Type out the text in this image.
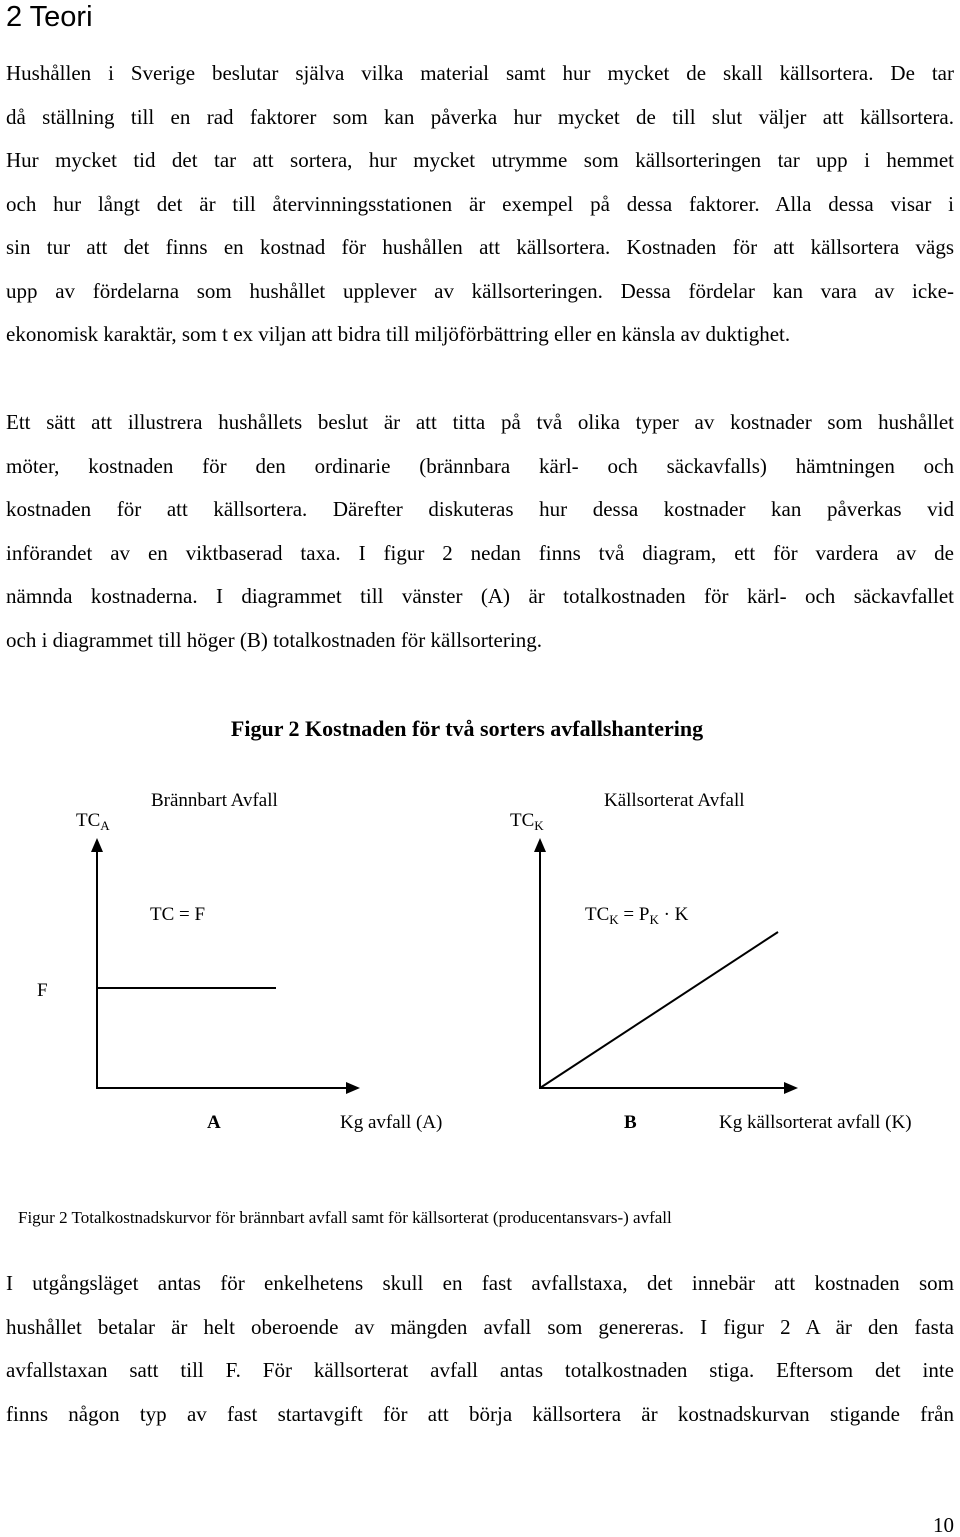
2 Teori
Hushållen i Sverige beslutar själva vilka material samt hur mycket de skall källsortera. De tar
då ställning till en rad faktorer som kan påverka hur mycket de till slut väljer att källsortera.
Hur mycket tid det tar att sortera, hur mycket utrymme som källsorteringen tar upp i hemmet
och hur långt det är till återvinningsstationen är exempel på dessa faktorer. Alla dessa visar i
sin tur att det finns en kostnad för hushållen att källsortera. Kostnaden för att källsortera vägs
upp av fördelarna som hushållet upplever av källsorteringen. Dessa fördelar kan vara av icke-
ekonomisk karaktär, som t ex viljan att bidra till miljöförbättring eller en känsla av duktighet.
Ett sätt att illustrera hushållets beslut är att titta på två olika typer av kostnader som hushållet
möter, kostnaden för den ordinarie (brännbara kärl- och säckavfalls) hämtningen och
kostnaden för att källsortera. Därefter diskuteras hur dessa kostnader kan påverkas vid
införandet av en viktbaserad taxa. I figur 2 nedan finns två diagram, ett för vardera av de
nämnda kostnaderna. I diagrammet till vänster (A) är totalkostnaden för kärl- och säckavfallet
och i diagrammet till höger (B) totalkostnaden för källsortering.
Figur 2 Kostnaden för två sorters avfallshantering
$TC_A$
Brännbart Avfall
TC = F
F
A	Kg avfall (A)
$TC_K$
Källsorterat Avfall
$TC_K = P_K \cdot K$
B	Kg källsorterat avfall (K)
Figur 2 Totalkostnadskurvor för brännbart avfall samt för källsorterat (producentansvars-) avfall
I utgångsläget antas för enkelhetens skull en fast avfallstaxa, det innebär att kostnaden som
hushållet betalar är helt oberoende av mängden avfall som genereras. I figur 2 A är den fasta
avfallstaxan satt till F. För källsorterat avfall antas totalkostnaden stiga. Eftersom det inte
finns någon typ av fast startavgift för att börja källsortera är kostnadskurvan stigande från
10
